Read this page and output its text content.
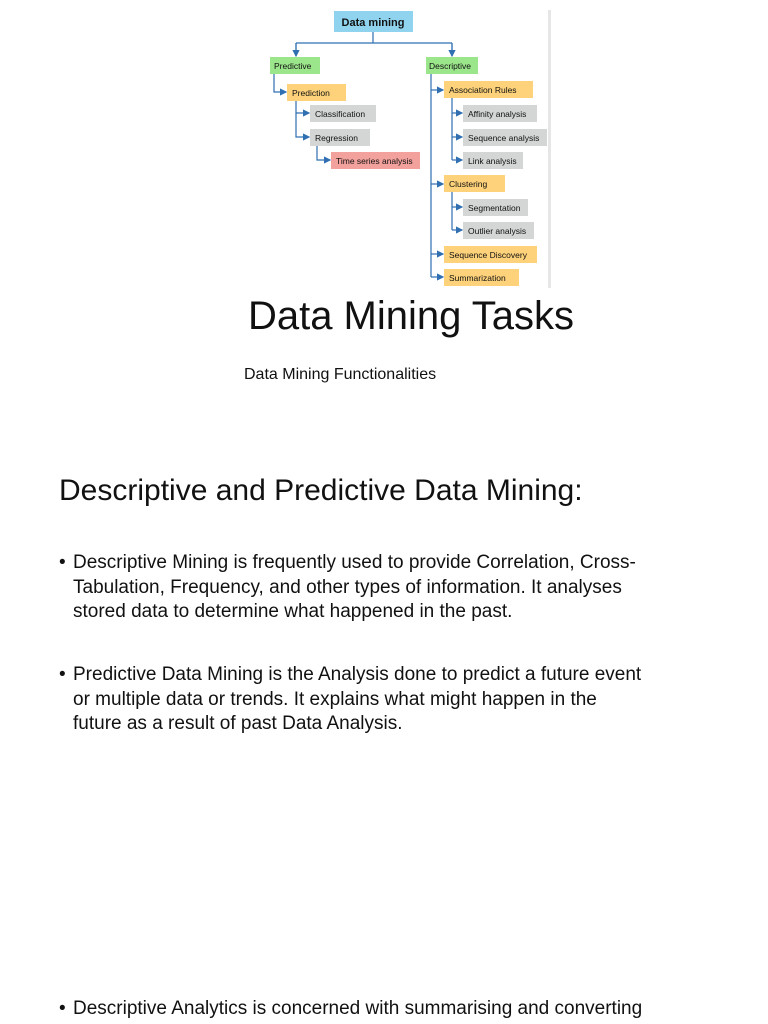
Data mining
Predictive
Prediction
Classification
Regression
Time series analysis
Descriptive
Association Rules
Affinity analysis
Sequence analysis
Link analysis
Clustering
Segmentation
Outlier analysis
Sequence Discovery
Summarization
Data Mining Tasks

Data Mining Functionalities

Descriptive and Predictive Data Mining:
• Descriptive Mining is frequently used to provide Correlation, Cross-
Tabulation, Frequency, and other types of information. It analyses
stored data to determine what happened in the past.
• Predictive Data Mining is the Analysis done to predict a future event
or multiple data or trends. It explains what might happen in the
future as a result of past Data Analysis.
• Descriptive Analytics is concerned with summarising and converting
